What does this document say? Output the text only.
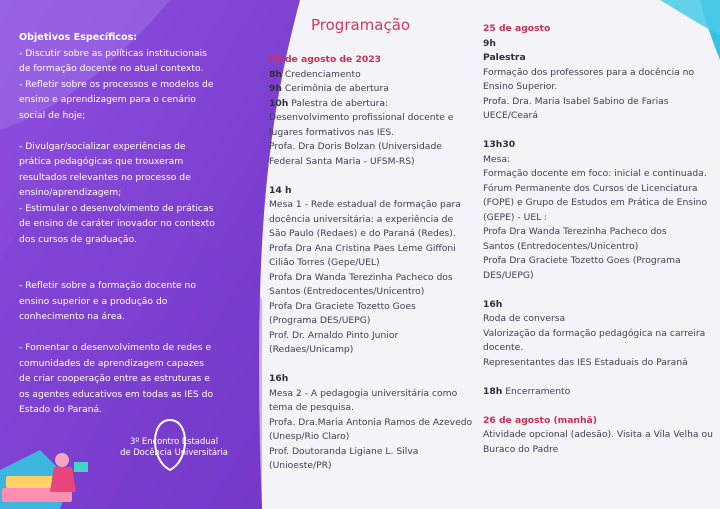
Objetivos Específicos:
- Discutir sobre as políticas institucionais
de formação docente no atual contexto.
- Refletir sobre os processos e modelos de
ensino e aprendizagem para o cenário
social de hoje;
- Divulgar/socializar experiências de
prática pedagógicas que trouxeram
resultados relevantes no processo de
ensino/aprendizagem;
- Estimular o desenvolvimento de práticas
de ensino de caráter inovador no contexto
dos cursos de graduação.
- Refletir sobre a formação docente no
ensino superior e a produção do
conhecimento na área.
- Fomentar o desenvolvimento de redes e
comunidades de aprendizagem capazes
de criar cooperação entre as estruturas e
os agentes educativos em todas as IES do
Estado do Paraná.
3º Encontro Estadual
de Docência Universitária
Programação
24 de agosto de 2023
8h Credenciamento
9h Cerimônia de abertura
10h Palestra de abertura:
Desenvolvimento profissional docente e
lugares formativos nas IES.
Profa. Dra Doris Bolzan (Universidade
Federal Santa Maria - UFSM-RS)
14 h
Mesa 1 - Rede estadual de formação para
docência universitária: a experiência de
São Paulo (Redaes) e do Paraná (Redes).
Profa Dra Ana Cristina Paes Leme Giffoni
Cilião Torres (Gepe/UEL)
Profa Dra Wanda Terezinha Pacheco dos
Santos (Entredocentes/Unicentro)
Profa Dra Graciete Tozetto Goes
(Programa DES/UEPG)
Prof. Dr. Arnaldo Pinto Junior
(Redaes/Unicamp)
16h
Mesa 2 - A pedagogia universitária como
tema de pesquisa.
Profa. Dra.Maria Antonia Ramos de Azevedo
(Unesp/Rio Claro)
Prof. Doutoranda Ligiane L. Silva
(Unioeste/PR)
25 de agosto
9h
Palestra
Formação dos professores para a docência no
Ensino Superior.
Profa. Dra. Maria Isabel Sabino de Farias
UECE/Ceará
13h30
Mesa:
Formação docente em foco: inicial e continuada.
Fórum Permanente dos Cursos de Licenciatura
(FOPE) e Grupo de Estudos em Prática de Ensino
(GEPE) - UEL :
Profa Dra Wanda Terezinha Pacheco dos
Santos (Entredocentes/Unicentro)
Profa Dra Graciete Tozetto Goes (Programa
DES/UEPG)
16h
Roda de conversa
Valorização da formação pedagógica na carreira
docente.
Representantes das IES Estaduais do Paraná
18h Encerramento
26 de agosto (manhã)
Atividade opcional (adesão). Visita a Vila Velha ou
Buraco do Padre
